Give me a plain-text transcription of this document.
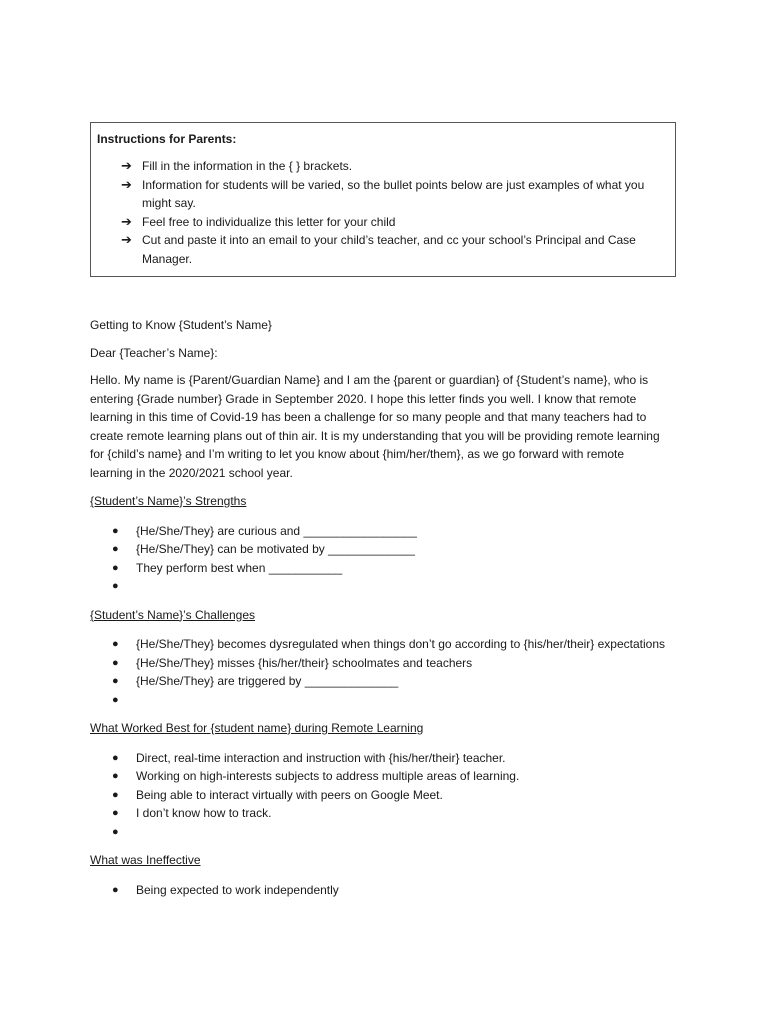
Instructions for Parents:
➔ Fill in the information in the { } brackets.
➔ Information for students will be varied, so the bullet points below are just examples of what you might say.
➔ Feel free to individualize this letter for your child
➔ Cut and paste it into an email to your child’s teacher, and cc your school’s Principal and Case Manager.

Getting to Know {Student’s Name}

Dear {Teacher’s Name}:

Hello. My name is {Parent/Guardian Name} and I am the {parent or guardian} of {Student’s name}, who is entering {Grade number} Grade in September 2020. I hope this letter finds you well. I know that remote learning in this time of Covid-19 has been a challenge for so many people and that many teachers had to create remote learning plans out of thin air. It is my understanding that you will be providing remote learning for {child’s name} and I’m writing to let you know about {him/her/them}, as we go forward with remote learning in the 2020/2021 school year.

{Student’s Name}’s Strengths

● {He/She/They} are curious and _________________
● {He/She/They} can be motivated by _____________
● They perform best when ___________
●

{Student’s Name}’s Challenges

● {He/She/They} becomes dysregulated when things don’t go according to {his/her/their} expectations
● {He/She/They} misses {his/her/their} schoolmates and teachers
● {He/She/They} are triggered by ______________
●

What Worked Best for {student name} during Remote Learning

● Direct, real-time interaction and instruction with {his/her/their} teacher.
● Working on high-interests subjects to address multiple areas of learning.
● Being able to interact virtually with peers on Google Meet.
● I don’t know how to track.
●

What was Ineffective

● Being expected to work independently
